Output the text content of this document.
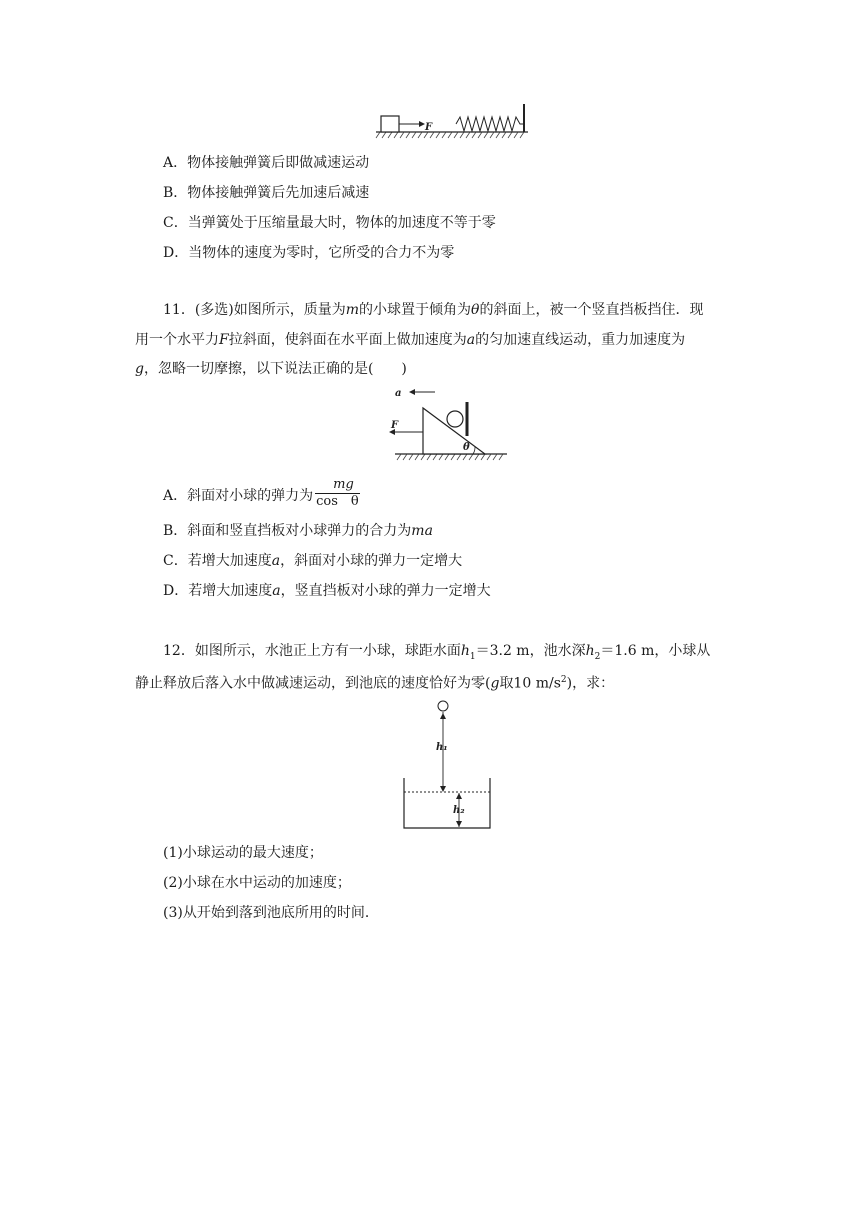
F
A．物体接触弹簧后即做减速运动
B．物体接触弹簧后先加速后减速
C．当弹簧处于压缩量最大时，物体的加速度不等于零
D．当物体的速度为零时，它所受的合力不为零
11．(多选)如图所示，质量为m的小球置于倾角为θ的斜面上，被一个竖直挡板挡住．现
用一个水平力F拉斜面，使斜面在水平面上做加速度为a的匀加速直线运动，重力加速度为
g，忽略一切摩擦，以下说法正确的是(　　)
a
F
θ
A．斜面对小球的弹力为 $\frac{mg}{\text{cos　θ}}$
B．斜面和竖直挡板对小球弹力的合力为ma
C．若增大加速度a，斜面对小球的弹力一定增大
D．若增大加速度a，竖直挡板对小球的弹力一定增大
12．如图所示，水池正上方有一小球，球距水面$h_1=3.2$ m，池水深$h_2=1.6$ m，小球从
静止释放后落入水中做减速运动，到池底的速度恰好为零(g取10 $m/s^2$)，求：
h₁
h₂
(1)小球运动的最大速度；
(2)小球在水中运动的加速度；
(3)从开始到落到池底所用的时间．
